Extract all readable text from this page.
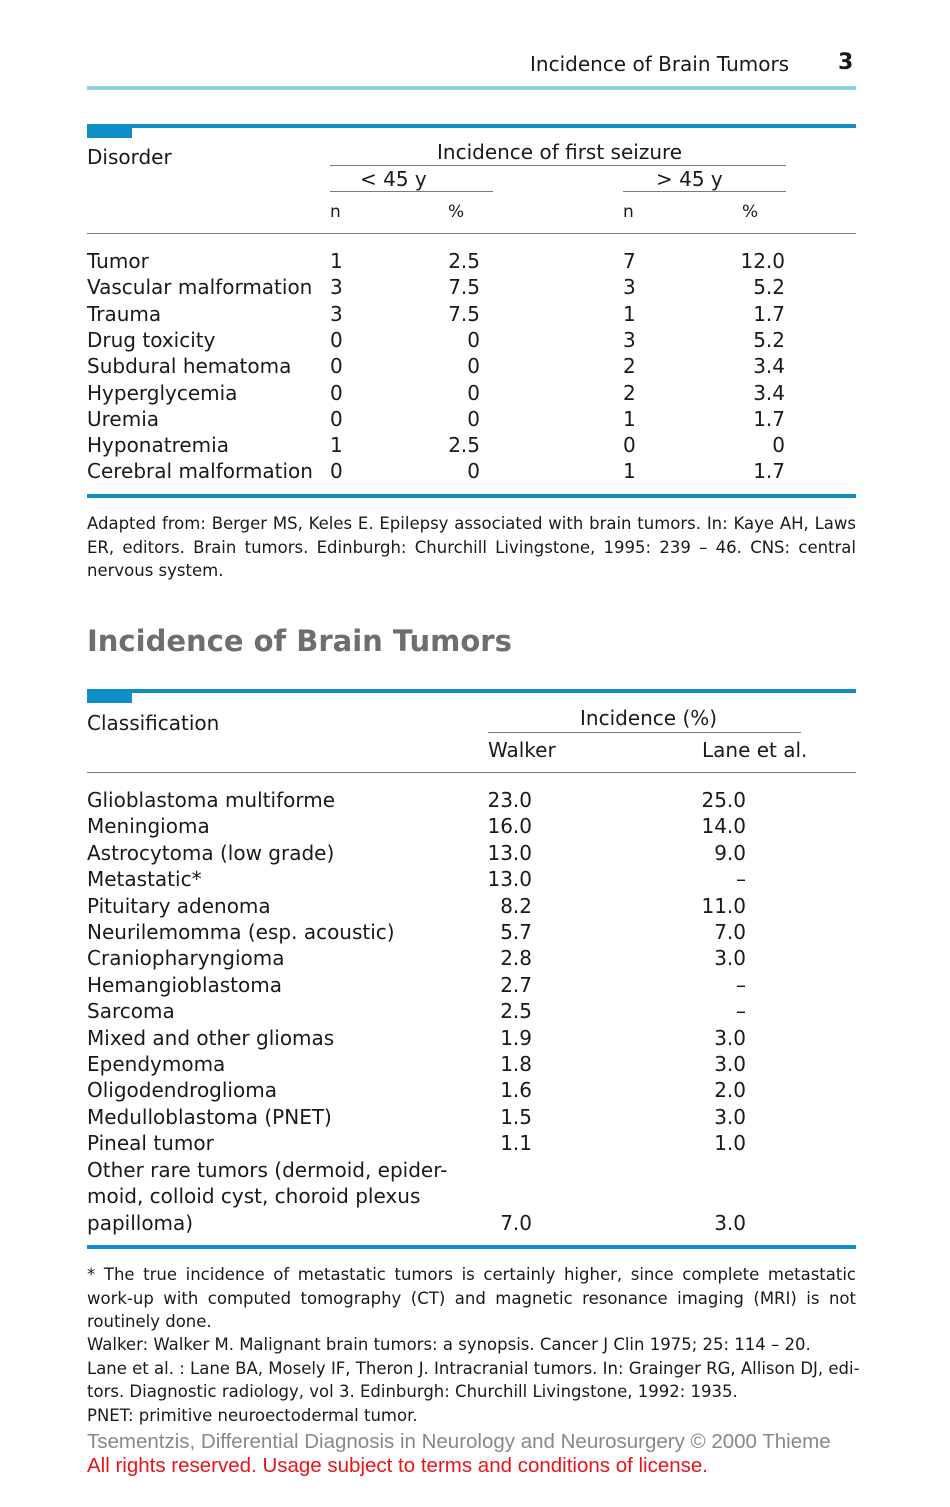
Incidence of Brain Tumors 3
Disorder	Incidence of first seizure
< 45 y	> 45 y
n	%	n	%
Tumor	1	2.5	7	12.0
Vascular malformation 3	7.5	3	5.2
Trauma	3	7.5	1	1.7
Drug toxicity	0	0	3	5.2
Subdural hematoma 0	0	2	3.4
Hyperglycemia	0	0	2	3.4
Uremia	0	0	1	1.7
Hyponatremia	1	2.5	0	0
Cerebral malformation 0	0	1	1.7
Adapted from: Berger MS, Keles E. Epilepsy associated with brain tumors. In: Kaye AH, Laws ER, editors. Brain tumors. Edinburgh: Churchill Livingstone, 1995: 239 – 46. CNS: central nervous system.
Incidence of Brain Tumors
Classification	Incidence (%)
Walker	Lane et al.
Glioblastoma multiforme	23.0	25.0
Meningioma	16.0	14.0
Astrocytoma (low grade)	13.0	9.0
Metastatic*	13.0	–
Pituitary adenoma	8.2	11.0
Neurilemomma (esp. acoustic)	5.7	7.0
Craniopharyngioma	2.8	3.0
Hemangioblastoma	2.7	–
Sarcoma	2.5	–
Mixed and other gliomas	1.9	3.0
Ependymoma	1.8	3.0
Oligodendroglioma	1.6	2.0
Medulloblastoma (PNET)	1.5	3.0
Pineal tumor	1.1	1.0
Other rare tumors (dermoid, epider-
moid, colloid cyst, choroid plexus
papilloma)	7.0	3.0
* The true incidence of metastatic tumors is certainly higher, since complete metastatic work-up with computed tomography (CT) and magnetic resonance imaging (MRI) is not routinely done.
Walker: Walker M. Malignant brain tumors: a synopsis. Cancer J Clin 1975; 25: 114 – 20.
Lane et al. : Lane BA, Mosely IF, Theron J. Intracranial tumors. In: Grainger RG, Allison DJ, edi-
tors. Diagnostic radiology, vol 3. Edinburgh: Churchill Livingstone, 1992: 1935.
PNET: primitive neuroectodermal tumor.
Tsementzis, Differential Diagnosis in Neurology and Neurosurgery © 2000 Thieme
All rights reserved. Usage subject to terms and conditions of license.
